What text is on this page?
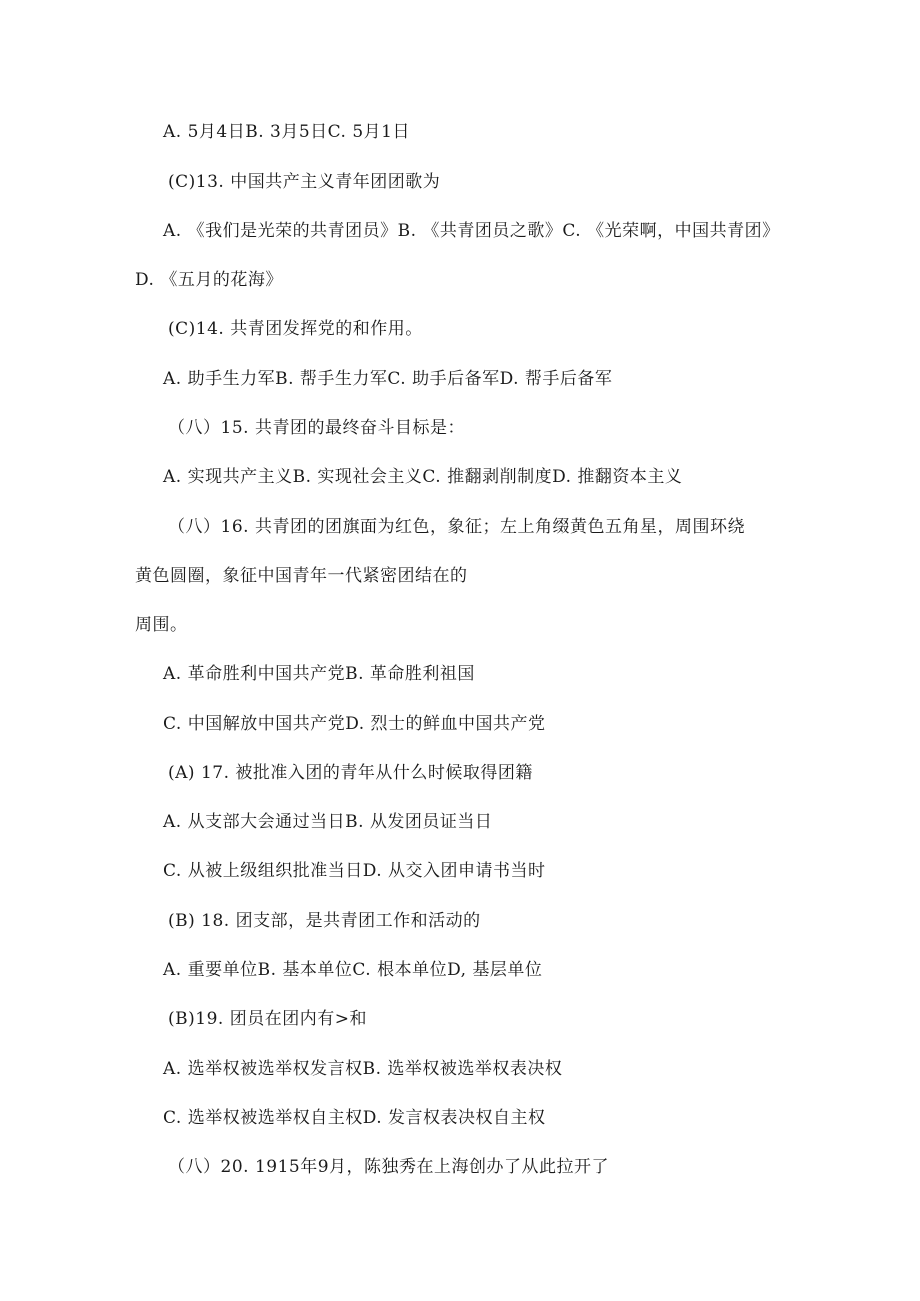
A. 5月4日B. 3月5日C. 5月1日
(C)13. 中国共产主义青年团团歌为
A. 《我们是光荣的共青团员》B. 《共青团员之歌》C. 《光荣啊，中国共青团》
D. 《五月的花海》
(C)14. 共青团发挥党的和作用。
A. 助手生力军B. 帮手生力军C. 助手后备军D. 帮手后备军
（八）15. 共青团的最终奋斗目标是：
A. 实现共产主义B. 实现社会主义C. 推翻剥削制度D. 推翻资本主义
（八）16. 共青团的团旗面为红色，象征；左上角缀黄色五角星，周围环绕
黄色圆圈，象征中国青年一代紧密团结在的
周围。
A. 革命胜利中国共产党B. 革命胜利祖国
C. 中国解放中国共产党D. 烈士的鲜血中国共产党
(A) 17. 被批准入团的青年从什么时候取得团籍
A. 从支部大会通过当日B. 从发团员证当日
C. 从被上级组织批准当日D. 从交入团申请书当时
(B) 18. 团支部，是共青团工作和活动的
A. 重要单位B. 基本单位C. 根本单位D, 基层单位
(B)19. 团员在团内有>和
A. 选举权被选举权发言权B. 选举权被选举权表决权
C. 选举权被选举权自主权D. 发言权表决权自主权
（八）20. 1915年9月，陈独秀在上海创办了从此拉开了
